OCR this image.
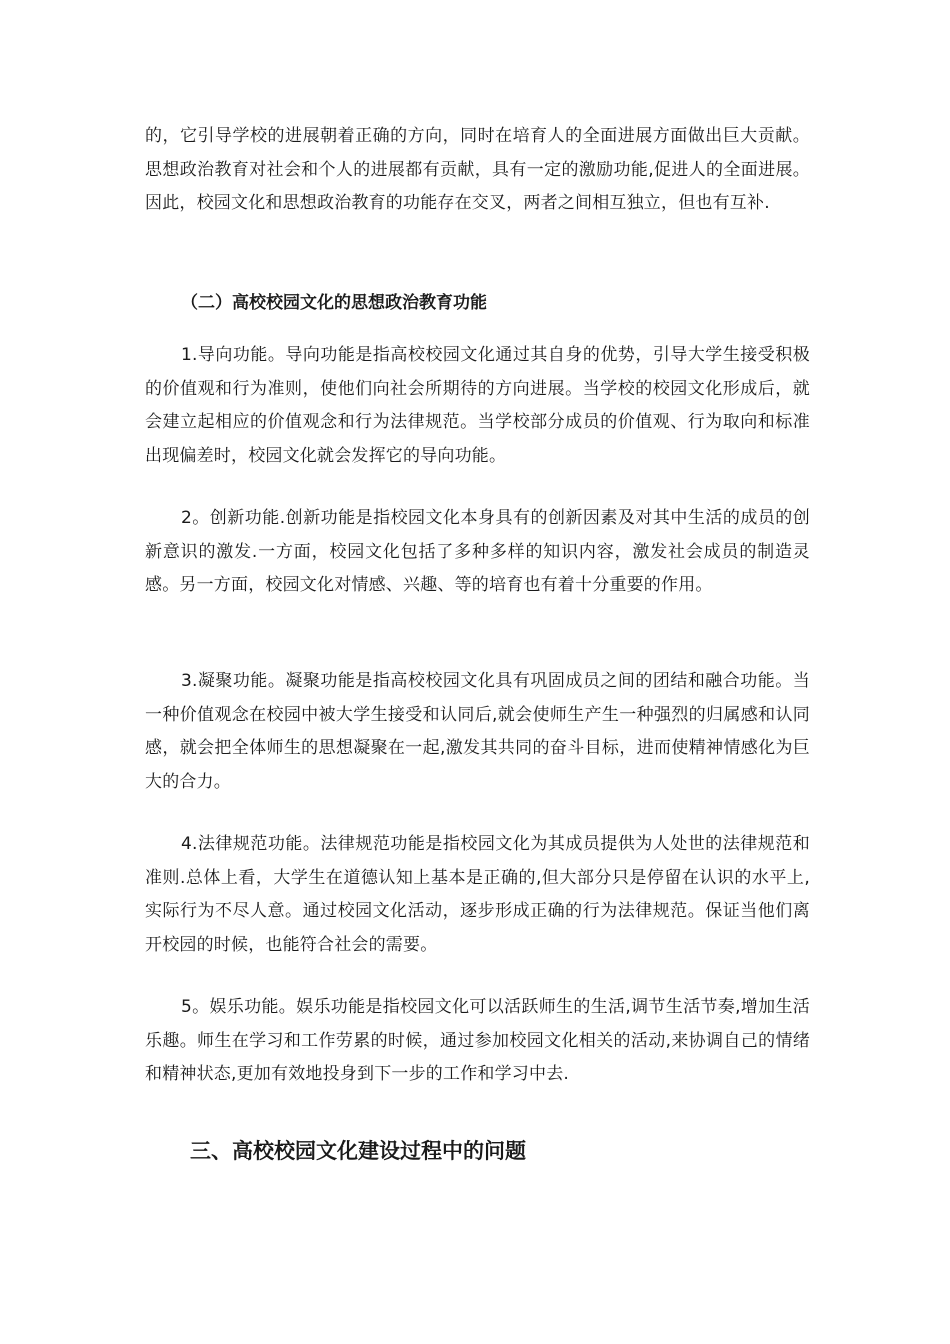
的，它引导学校的进展朝着正确的方向，同时在培育人的全面进展方面做出巨大贡献。思想政治教育对社会和个人的进展都有贡献，具有一定的激励功能,促进人的全面进展。因此，校园文化和思想政治教育的功能存在交叉，两者之间相互独立，但也有互补.

（二）高校校园文化的思想政治教育功能

1.导向功能。导向功能是指高校校园文化通过其自身的优势，引导大学生接受积极的价值观和行为准则，使他们向社会所期待的方向进展。当学校的校园文化形成后，就会建立起相应的价值观念和行为法律规范。当学校部分成员的价值观、行为取向和标准出现偏差时，校园文化就会发挥它的导向功能。

2。创新功能.创新功能是指校园文化本身具有的创新因素及对其中生活的成员的创新意识的激发.一方面，校园文化包括了多种多样的知识内容，激发社会成员的制造灵感。另一方面，校园文化对情感、兴趣、等的培育也有着十分重要的作用。

3.凝聚功能。凝聚功能是指高校校园文化具有巩固成员之间的团结和融合功能。当一种价值观念在校园中被大学生接受和认同后,就会使师生产生一种强烈的归属感和认同感，就会把全体师生的思想凝聚在一起,激发其共同的奋斗目标，进而使精神情感化为巨大的合力。

4.法律规范功能。法律规范功能是指校园文化为其成员提供为人处世的法律规范和准则.总体上看，大学生在道德认知上基本是正确的,但大部分只是停留在认识的水平上,实际行为不尽人意。通过校园文化活动，逐步形成正确的行为法律规范。保证当他们离开校园的时候，也能符合社会的需要。

5。娱乐功能。娱乐功能是指校园文化可以活跃师生的生活,调节生活节奏,增加生活乐趣。师生在学习和工作劳累的时候，通过参加校园文化相关的活动,来协调自己的情绪和精神状态,更加有效地投身到下一步的工作和学习中去.

三、高校校园文化建设过程中的问题
